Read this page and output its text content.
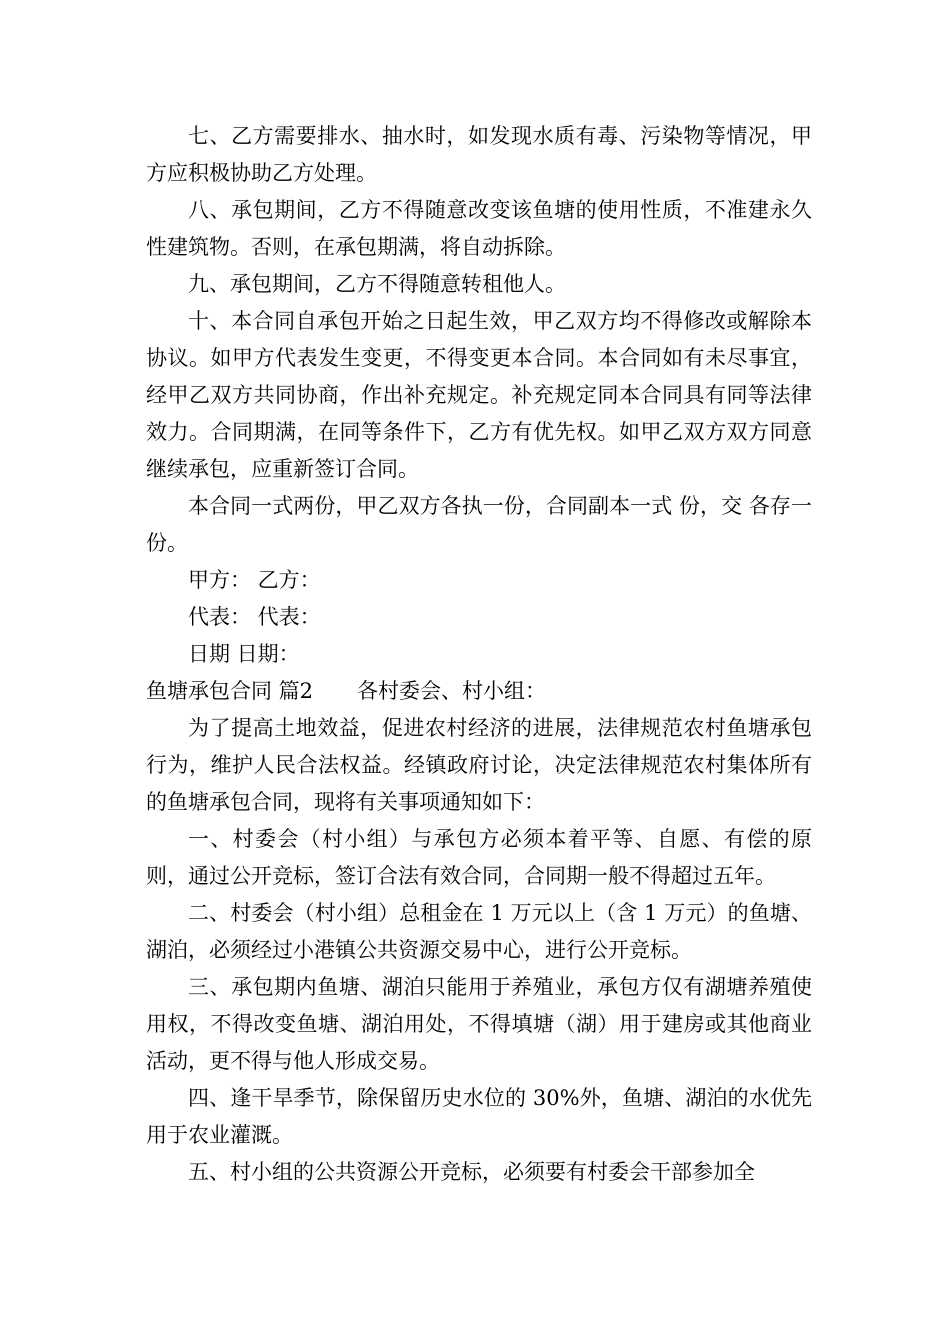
七、乙方需要排水、抽水时，如发现水质有毒、污染物等情况，甲方应积极协助乙方处理。

八、承包期间，乙方不得随意改变该鱼塘的使用性质，不准建永久性建筑物。否则，在承包期满，将自动拆除。

九、承包期间，乙方不得随意转租他人。

十、本合同自承包开始之日起生效，甲乙双方均不得修改或解除本协议。如甲方代表发生变更，不得变更本合同。本合同如有未尽事宜，经甲乙双方共同协商，作出补充规定。补充规定同本合同具有同等法律效力。合同期满，在同等条件下，乙方有优先权。如甲乙双方双方同意继续承包，应重新签订合同。

本合同一式两份，甲乙双方各执一份，合同副本一式 份，交 各存一份。

甲方： 乙方：

代表： 代表：

日期 日期：

鱼塘承包合同 篇2 各村委会、村小组：

为了提高土地效益，促进农村经济的进展，法律规范农村鱼塘承包行为，维护人民合法权益。经镇政府讨论，决定法律规范农村集体所有的鱼塘承包合同，现将有关事项通知如下：

一、村委会（村小组）与承包方必须本着平等、自愿、有偿的原则，通过公开竞标，签订合法有效合同，合同期一般不得超过五年。

二、村委会（村小组）总租金在 1 万元以上（含 1 万元）的鱼塘、湖泊，必须经过小港镇公共资源交易中心，进行公开竞标。

三、承包期内鱼塘、湖泊只能用于养殖业，承包方仅有湖塘养殖使用权，不得改变鱼塘、湖泊用处，不得填塘（湖）用于建房或其他商业活动，更不得与他人形成交易。

四、逢干旱季节，除保留历史水位的 30%外，鱼塘、湖泊的水优先用于农业灌溉。

五、村小组的公共资源公开竞标，必须要有村委会干部参加全
